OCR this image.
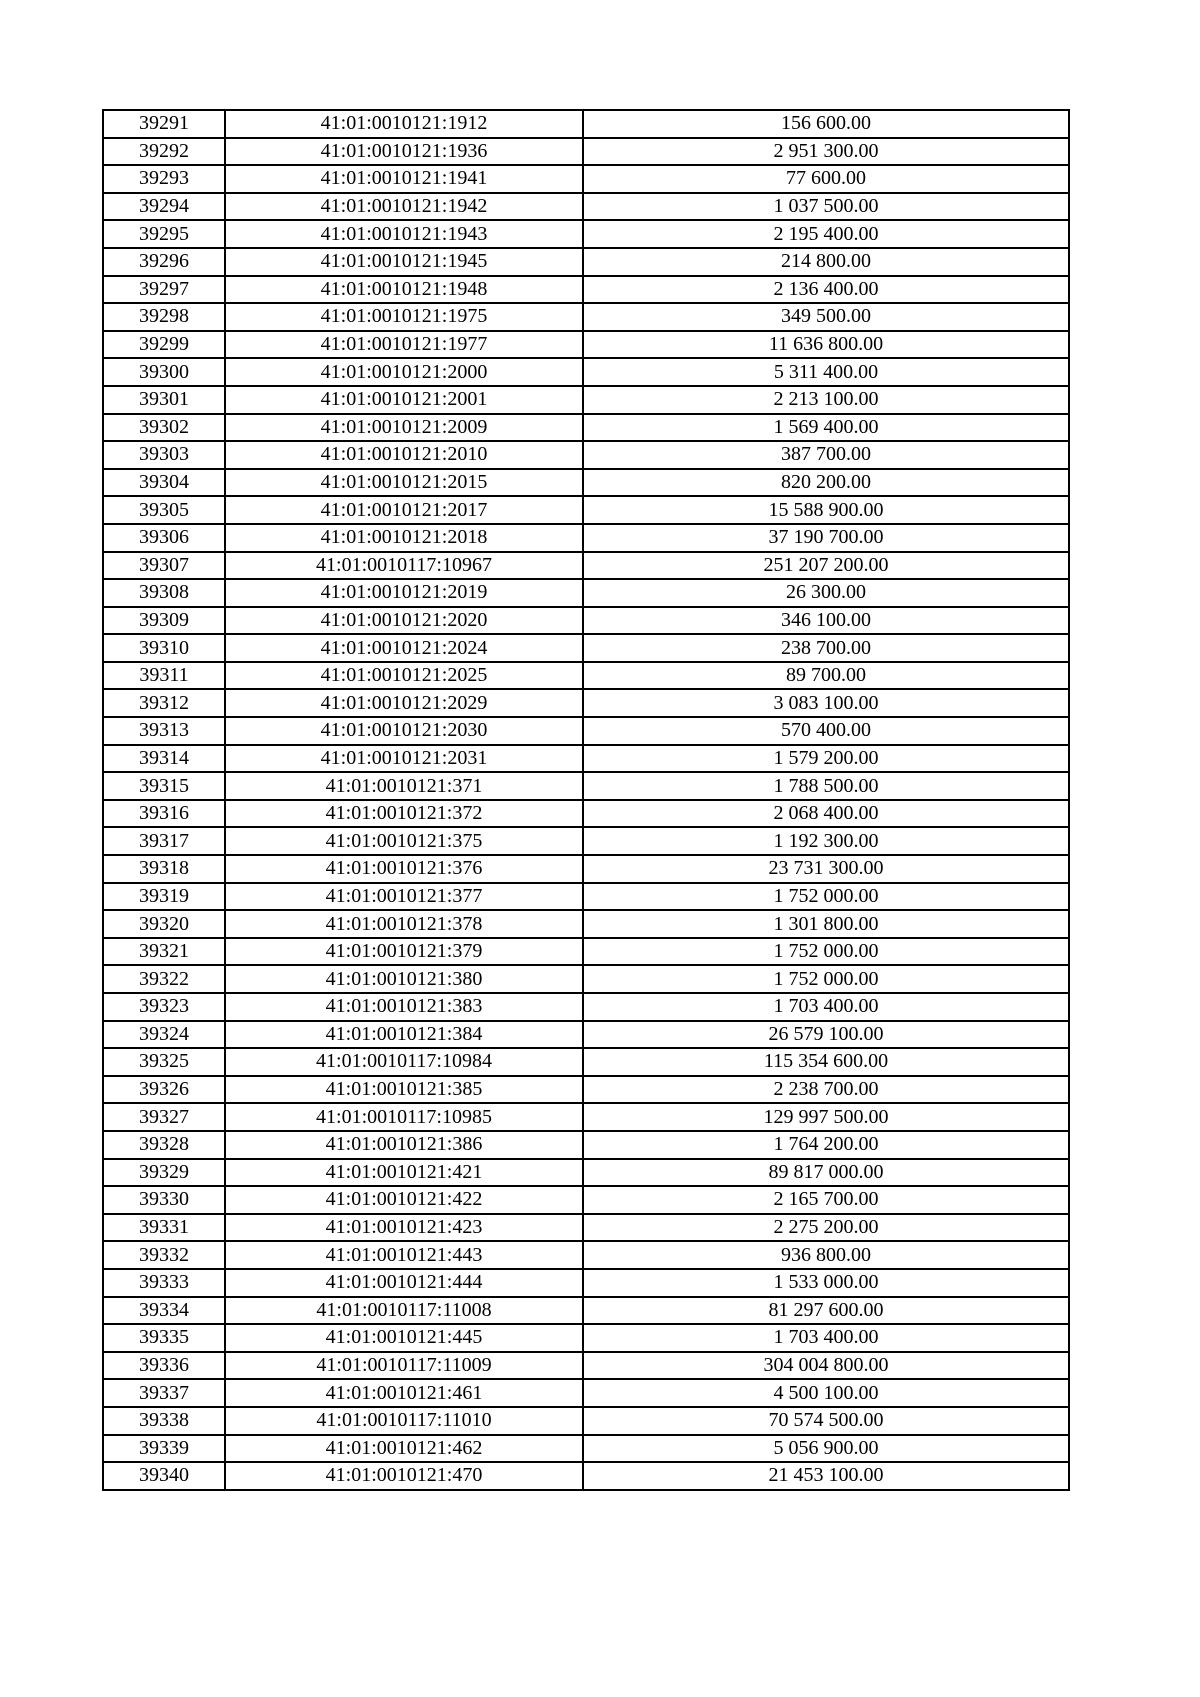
39291	41:01:0010121:1912	156 600.00
39292	41:01:0010121:1936	2 951 300.00
39293	41:01:0010121:1941	77 600.00
39294	41:01:0010121:1942	1 037 500.00
39295	41:01:0010121:1943	2 195 400.00
39296	41:01:0010121:1945	214 800.00
39297	41:01:0010121:1948	2 136 400.00
39298	41:01:0010121:1975	349 500.00
39299	41:01:0010121:1977	11 636 800.00
39300	41:01:0010121:2000	5 311 400.00
39301	41:01:0010121:2001	2 213 100.00
39302	41:01:0010121:2009	1 569 400.00
39303	41:01:0010121:2010	387 700.00
39304	41:01:0010121:2015	820 200.00
39305	41:01:0010121:2017	15 588 900.00
39306	41:01:0010121:2018	37 190 700.00
39307	41:01:0010117:10967	251 207 200.00
39308	41:01:0010121:2019	26 300.00
39309	41:01:0010121:2020	346 100.00
39310	41:01:0010121:2024	238 700.00
39311	41:01:0010121:2025	89 700.00
39312	41:01:0010121:2029	3 083 100.00
39313	41:01:0010121:2030	570 400.00
39314	41:01:0010121:2031	1 579 200.00
39315	41:01:0010121:371	1 788 500.00
39316	41:01:0010121:372	2 068 400.00
39317	41:01:0010121:375	1 192 300.00
39318	41:01:0010121:376	23 731 300.00
39319	41:01:0010121:377	1 752 000.00
39320	41:01:0010121:378	1 301 800.00
39321	41:01:0010121:379	1 752 000.00
39322	41:01:0010121:380	1 752 000.00
39323	41:01:0010121:383	1 703 400.00
39324	41:01:0010121:384	26 579 100.00
39325	41:01:0010117:10984	115 354 600.00
39326	41:01:0010121:385	2 238 700.00
39327	41:01:0010117:10985	129 997 500.00
39328	41:01:0010121:386	1 764 200.00
39329	41:01:0010121:421	89 817 000.00
39330	41:01:0010121:422	2 165 700.00
39331	41:01:0010121:423	2 275 200.00
39332	41:01:0010121:443	936 800.00
39333	41:01:0010121:444	1 533 000.00
39334	41:01:0010117:11008	81 297 600.00
39335	41:01:0010121:445	1 703 400.00
39336	41:01:0010117:11009	304 004 800.00
39337	41:01:0010121:461	4 500 100.00
39338	41:01:0010117:11010	70 574 500.00
39339	41:01:0010121:462	5 056 900.00
39340	41:01:0010121:470	21 453 100.00
